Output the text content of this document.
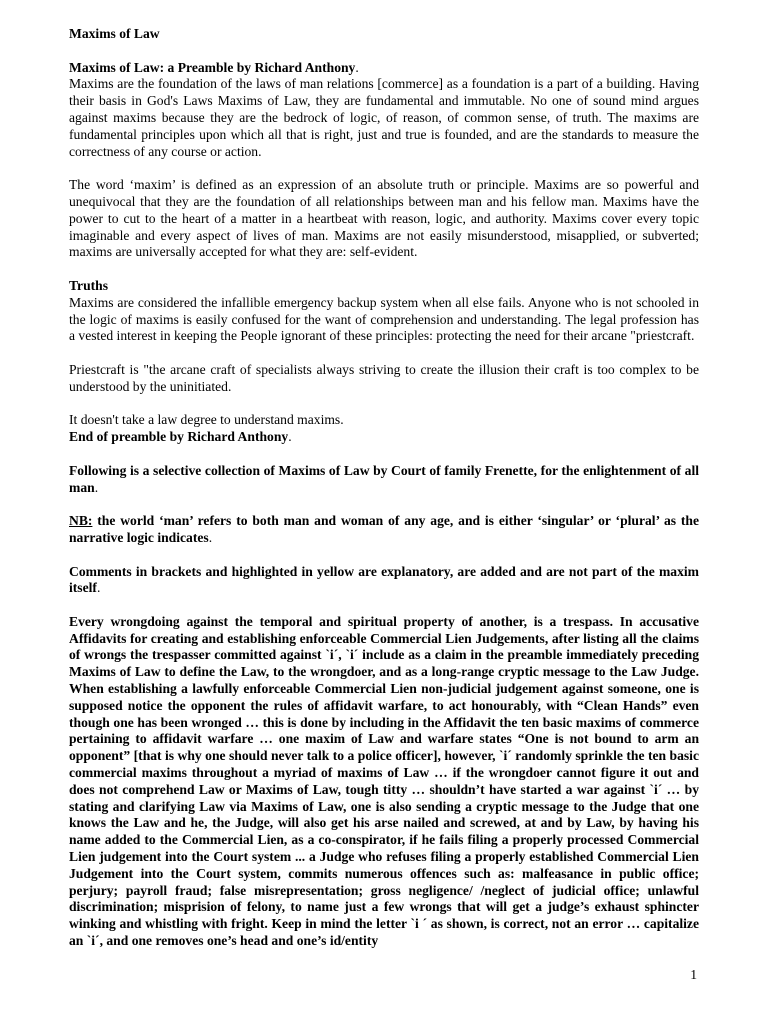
Maxims of Law

Maxims of Law: a Preamble by Richard Anthony.

Maxims are the foundation of the laws of man relations [commerce] as a foundation is a part of a building. Having their basis in God's Laws Maxims of Law, they are fundamental and immutable. No one of sound mind argues against maxims because they are the bedrock of logic, of reason, of common sense, of truth. The maxims are fundamental principles upon which all that is right, just and true is founded, and are the standards to measure the correctness of any course or action.

The word ‘maxim’ is defined as an expression of an absolute truth or principle. Maxims are so powerful and unequivocal that they are the foundation of all relationships between man and his fellow man. Maxims have the power to cut to the heart of a matter in a heartbeat with reason, logic, and authority. Maxims cover every topic imaginable and every aspect of lives of man. Maxims are not easily misunderstood, misapplied, or subverted; maxims are universally accepted for what they are: self-evident.

Truths

Maxims are considered the infallible emergency backup system when all else fails. Anyone who is not schooled in the logic of maxims is easily confused for the want of comprehension and understanding. The legal profession has a vested interest in keeping the People ignorant of these principles: protecting the need for their arcane "priestcraft.

Priestcraft is "the arcane craft of specialists always striving to create the illusion their craft is too complex to be understood by the uninitiated.

It doesn't take a law degree to understand maxims.

End of preamble by Richard Anthony.

Following is a selective collection of Maxims of Law by Court of family Frenette, for the enlightenment of all man.

NB: the world ‘man’ refers to both man and woman of any age, and is either ‘singular’ or ‘plural’ as the narrative logic indicates.

Comments in brackets and highlighted in yellow are explanatory, are added and are not part of the maxim itself.

Every wrongdoing against the temporal and spiritual property of another, is a trespass. In accusative Affidavits for creating and establishing enforceable Commercial Lien Judgements, after listing all the claims of wrongs the trespasser committed against `i´, `i´ include as a claim in the preamble immediately preceding Maxims of Law to define the Law, to the wrongdoer, and as a long-range cryptic message to the Law Judge. When establishing a lawfully enforceable Commercial Lien non-judicial judgement against someone, one is supposed notice the opponent the rules of affidavit warfare, to act honourably, with “Clean Hands” even though one has been wronged … this is done by including in the Affidavit the ten basic maxims of commerce pertaining to affidavit warfare … one maxim of Law and warfare states “One is not bound to arm an opponent” [that is why one should never talk to a police officer], however, `i´ randomly sprinkle the ten basic commercial maxims throughout a myriad of maxims of Law … if the wrongdoer cannot figure it out and does not comprehend Law or Maxims of Law, tough titty … shouldn’t have started a war against `i´ … by stating and clarifying Law via Maxims of Law, one is also sending a cryptic message to the Judge that one knows the Law and he, the Judge, will also get his arse nailed and screwed, at and by Law, by having his name added to the Commercial Lien, as a co-conspirator, if he fails filing a properly processed Commercial Lien judgement into the Court system ... a Judge who refuses filing a properly established Commercial Lien Judgement into the Court system, commits numerous offences such as: malfeasance in public office; perjury; payroll fraud; false misrepresentation; gross negligence/ /neglect of judicial office; unlawful discrimination; misprision of felony, to name just a few wrongs that will get a judge’s exhaust sphincter winking and whistling with fright. Keep in mind the letter `i ´ as shown, is correct, not an error … capitalize an `i´, and one removes one’s head and one’s id/entity

1
